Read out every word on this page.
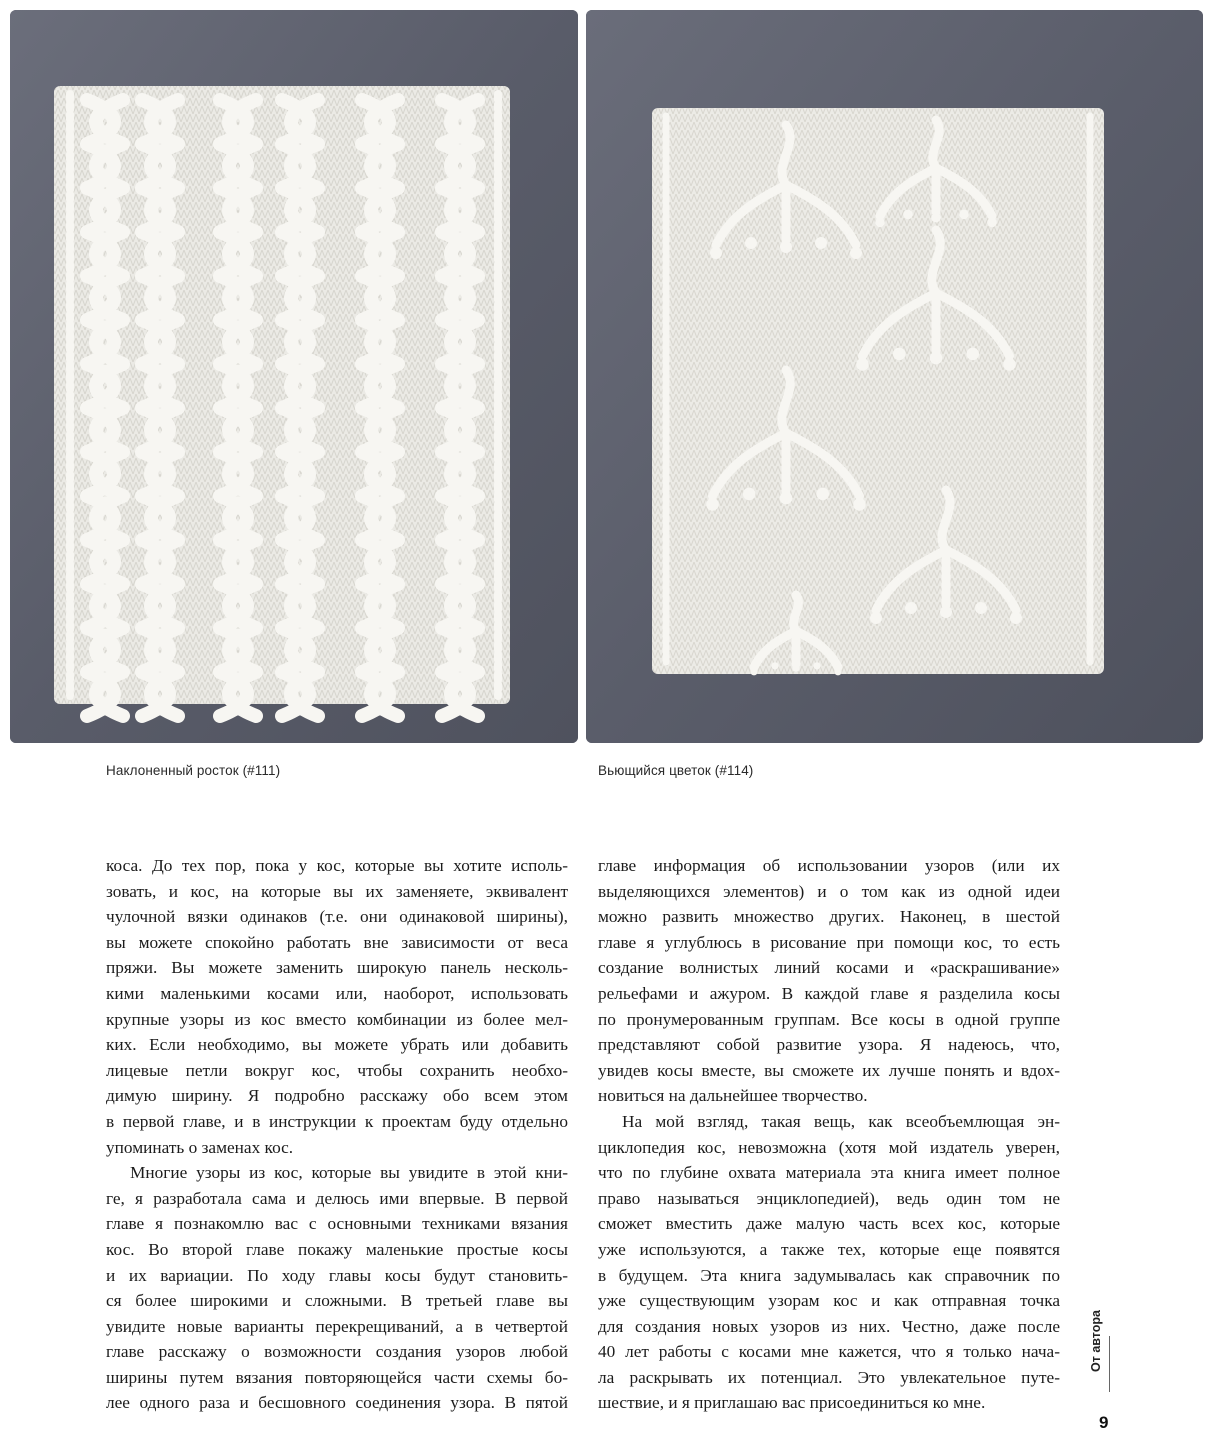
Наклоненный росток (#111)	Вьющийся цветок (#114)
коса. До тех пор, пока у кос, которые вы хотите исполь-
зовать, и кос, на которые вы их заменяете, эквивалент
чулочной вязки одинаков (т.е. они одинаковой ширины),
вы можете спокойно работать вне зависимости от веса
пряжи. Вы можете заменить широкую панель несколь-
кими маленькими косами или, наоборот, использовать
крупные узоры из кос вместо комбинации из более мел-
ких. Если необходимо, вы можете убрать или добавить
лицевые петли вокруг кос, чтобы сохранить необхо-
димую ширину. Я подробно расскажу обо всем этом
в первой главе, и в инструкции к проектам буду отдельно
упоминать о заменах кос.
Многие узоры из кос, которые вы увидите в этой кни-
ге, я разработала сама и делюсь ими впервые. В первой
главе я познакомлю вас с основными техниками вязания
кос. Во второй главе покажу маленькие простые косы
и их вариации. По ходу главы косы будут становить-
ся более широкими и сложными. В третьей главе вы
увидите новые варианты перекрещиваний, а в четвертой
главе расскажу о возможности создания узоров любой
ширины путем вязания повторяющейся части схемы бо-
лее одного раза и бесшовного соединения узора. В пятой
главе информация об использовании узоров (или их
выделяющихся элементов) и о том как из одной идеи
можно развить множество других. Наконец, в шестой
главе я углублюсь в рисование при помощи кос, то есть
создание волнистых линий косами и «раскрашивание»
рельефами и ажуром. В каждой главе я разделила косы
по пронумерованным группам. Все косы в одной группе
представляют собой развитие узора. Я надеюсь, что,
увидев косы вместе, вы сможете их лучше понять и вдох-
новиться на дальнейшее творчество.
На мой взгляд, такая вещь, как всеобъемлющая эн-
циклопедия кос, невозможна (хотя мой издатель уверен,
что по глубине охвата материала эта книга имеет полное
право называться энциклопедией), ведь один том не
сможет вместить даже малую часть всех кос, которые
уже используются, а также тех, которые еще появятся
в будущем. Эта книга задумывалась как справочник по
уже существующим узорам кос и как отправная точка
для создания новых узоров из них. Честно, даже после
40 лет работы с косами мне кажется, что я только нача-
ла раскрывать их потенциал. Это увлекательное путе-
шествие, и я приглашаю вас присоединиться ко мне.
От автора
9
